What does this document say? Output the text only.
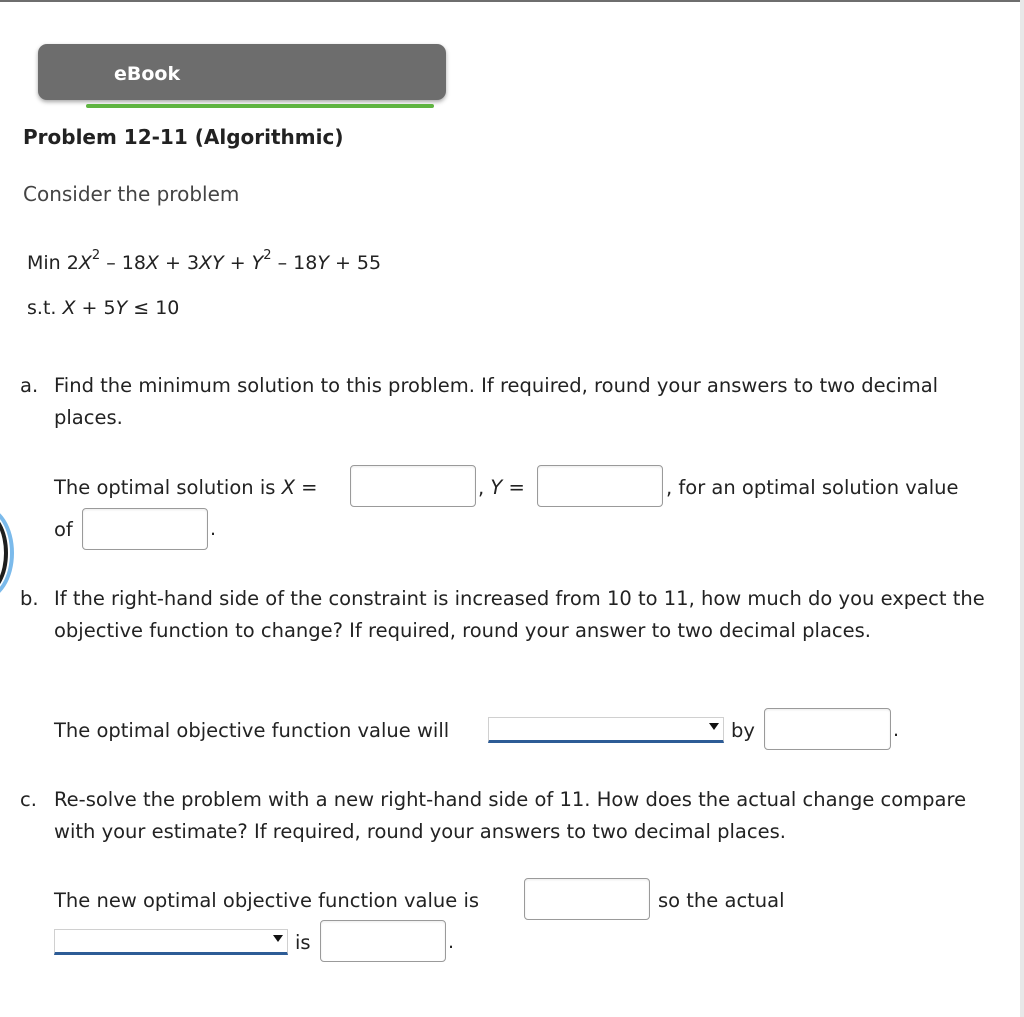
eBook
Problem 12-11 (Algorithmic)
Consider the problem
Min $2X^2 - 18X + 3XY + Y^2 - 18Y + 55$
s.t. X + 5Y ≤ 10
a. Find the minimum solution to this problem. If required, round your answers to two decimal places.
The optimal solution is X =	, Y =	, for an optimal solution value
of	.
b. If the right-hand side of the constraint is increased from 10 to 11, how much do you expect the objective function to change? If required, round your answer to two decimal places.
The optimal objective function value will	by	.
c. Re-solve the problem with a new right-hand side of 11. How does the actual change compare with your estimate? If required, round your answers to two decimal places.
The new optimal objective function value is	so the actual
is	.
